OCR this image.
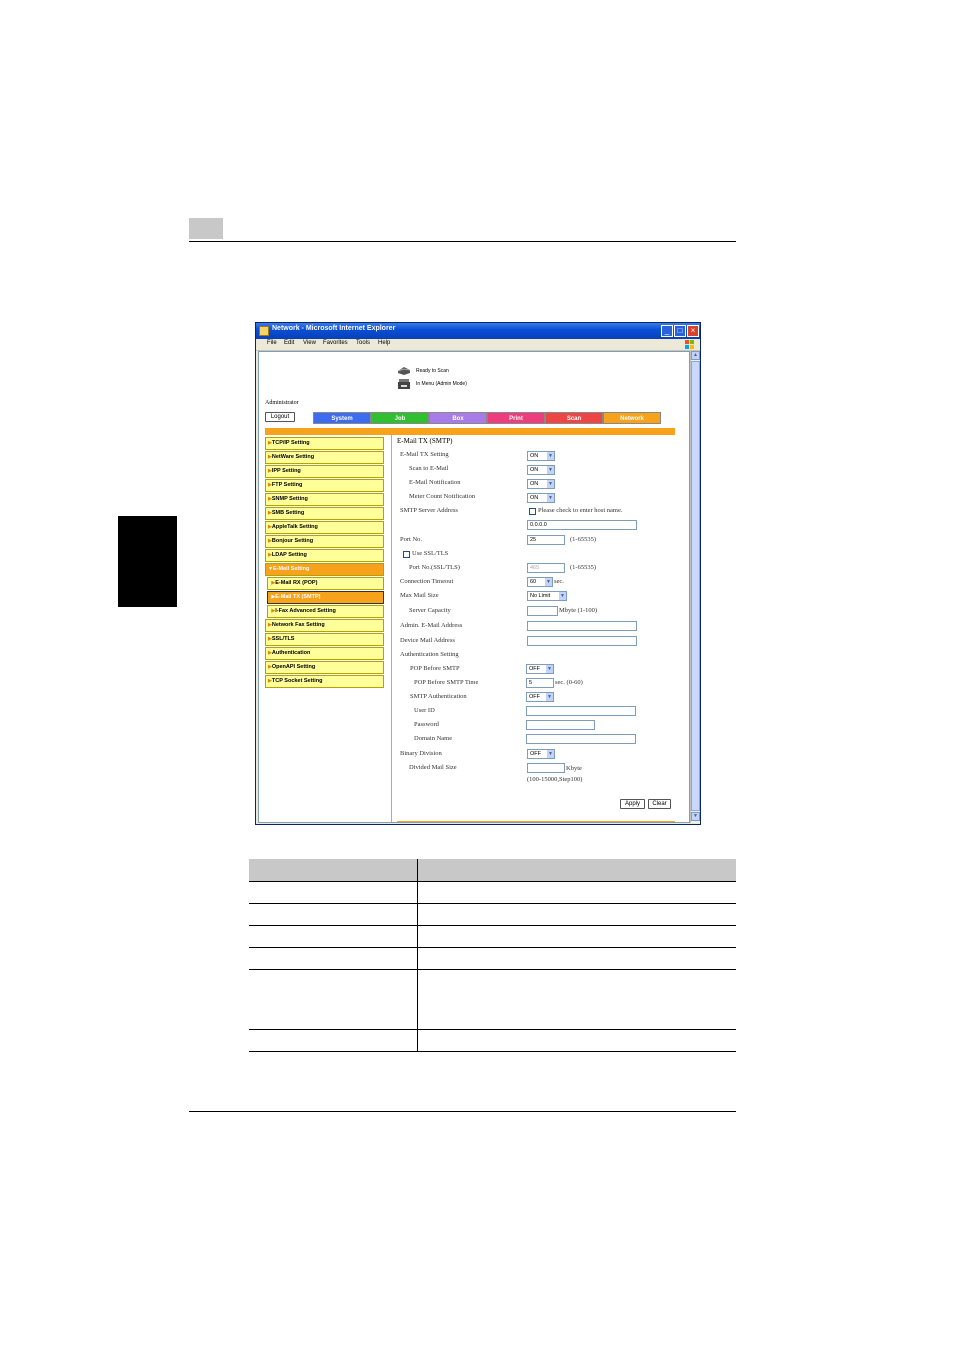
Network - Microsoft Internet Explorer	_	□	×
File Edit View Favorites Tools Help
Ready to Scan
In Menu (Admin Mode)
Administrator
Logout	System	Job	Box	Print	Scan	Network
▶TCP/IP Setting
▶NetWare Setting
▶IPP Setting
▶FTP Setting
▶SNMP Setting
▶SMB Setting
▶AppleTalk Setting
▶Bonjour Setting
▶LDAP Setting
▼E-Mail Setting
▶E-Mail RX (POP)
▶E-Mail TX (SMTP)
▶I-Fax Advanced Setting
▶Network Fax Setting
▶SSL/TLS
▶Authentication
▶OpenAPI Setting
▶TCP Socket Setting
E-Mail TX (SMTP)
E-Mail TX Setting	ON ▼
Scan to E-Mail	ON ▼
E-Mail Notification	ON ▼
Meter Count Notification	ON ▼
SMTP Server Address	Please check to enter host name.
0.0.0.0
Port No.	25	(1-65535)
Use SSL/TLS
Port No.(SSL/TLS)	465	(1-65535)
Connection Timeout	60 ▼ sec.
Max Mail Size	No Limit ▼
Server Capacity	Mbyte (1-100)
Admin. E-Mail Address
Device Mail Address
Authentication Setting
POP Before SMTP	OFF ▼
POP Before SMTP Time	5	sec. (0-60)
SMTP Authentication	OFF ▼
User ID
Password
Domain Name
Binary Division	OFF ▼
Divided Mail Size	Kbyte
(100-15000,Step100)
Apply	Clear
▲
▼
